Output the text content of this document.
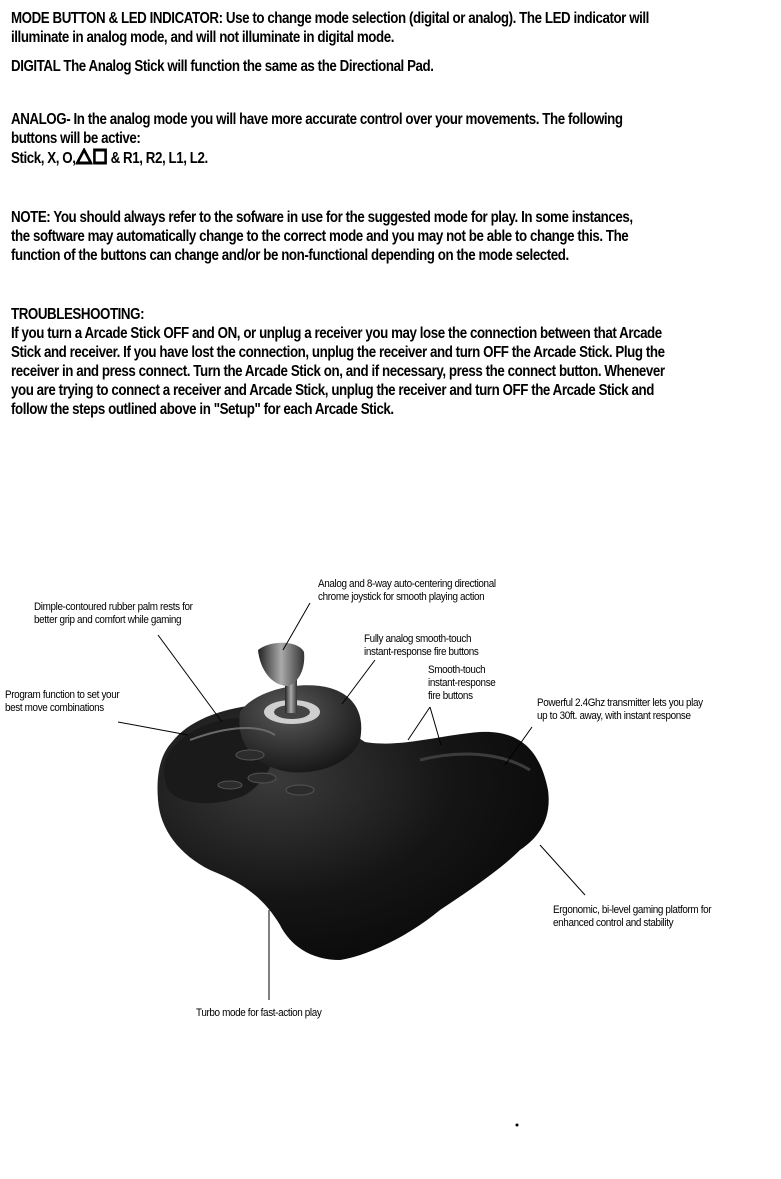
MODE BUTTON & LED INDICATOR: Use to change mode selection (digital or analog). The LED indicator will
illuminate in analog mode, and will not illuminate in digital mode.
DIGITAL The Analog Stick will function the same as the Directional Pad.
ANALOG- In the analog mode you will have more accurate control over your movements. The following
buttons will be active:
Stick, X, O, & R1, R2, L1, L2.
NOTE: You should always refer to the sofware in use for the suggested mode for play. In some instances,
the software may automatically change to the correct mode and you may not be able to change this. The
function of the buttons can change and/or be non-functional depending on the mode selected.
TROUBLESHOOTING:
If you turn a Arcade Stick OFF and ON, or unplug a receiver you may lose the connection between that Arcade
Stick and receiver. If you have lost the connection, unplug the receiver and turn OFF the Arcade Stick. Plug the
receiver in and press connect. Turn the Arcade Stick on, and if necessary, press the connect button. Whenever
you are trying to connect a receiver and Arcade Stick, unplug the receiver and turn OFF the Arcade Stick and
follow the steps outlined above in "Setup" for each Arcade Stick.
Dimple-contoured rubber palm rests for
better grip and comfort while gaming
Analog and 8-way auto-centering directional
chrome joystick for smooth playing action
Fully analog smooth-touch
instant-response fire buttons
Smooth-touch
instant-response
fire buttons
Program function to set your
best move combinations	Powerful 2.4Ghz transmitter lets you play
up to 30ft. away, with instant response
Ergonomic, bi-level gaming platform for
enhanced control and stability
Turbo mode for fast-action play
